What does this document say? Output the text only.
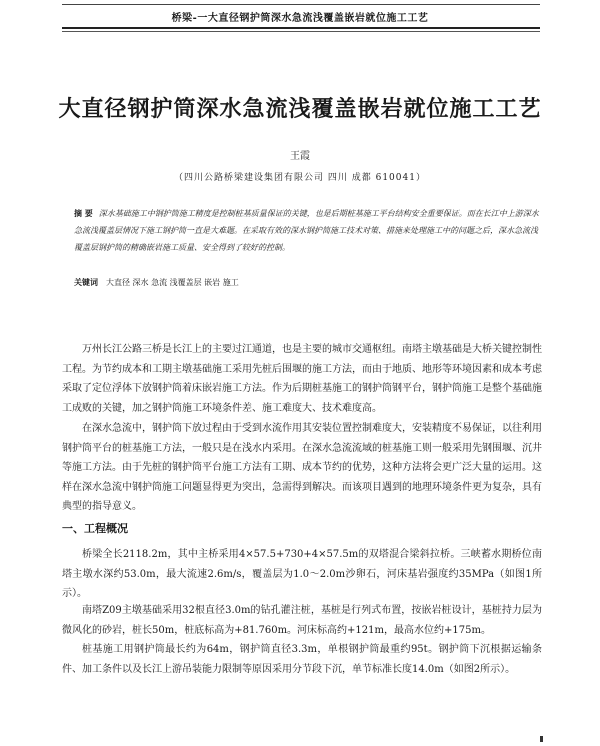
桥梁-一大直径钢护筒深水急流浅覆盖嵌岩就位施工工艺
大直径钢护筒深水急流浅覆盖嵌岩就位施工工艺
王霞
（四川公路桥梁建设集团有限公司 四川 成都 610041）
摘 要 深水基础施工中钢护筒施工精度是控制桩基质量保证的关键，也是后期桩基施工平台结构安全重要保证。而在长江中上游深水急流浅覆盖层情况下施工钢护筒一直是大难题。在采取有效的深水钢护筒施工技术对策、措施来处理施工中的问题之后，深水急流浅覆盖层钢护筒的精确嵌岩施工质量、安全得到了较好的控制。
关键词 大直径 深水 急流 浅覆盖层 嵌岩 施工
万州长江公路三桥是长江上的主要过江通道，也是主要的城市交通枢纽。南塔主墩基础是大桥关键控制性工程。为节约成本和工期主墩基础施工采用先桩后围堰的施工方法，而由于地质、地形等环境因素和成本考虑采取了定位浮体下放钢护筒着床嵌岩施工方法。作为后期桩基施工的钢护筒钢平台，钢护筒施工是整个基础施工成败的关键，加之钢护筒施工环境条件差、施工难度大、技术难度高。
在深水急流中，钢护筒下放过程由于受到水流作用其安装位置控制难度大，安装精度不易保证，以往利用钢护筒平台的桩基施工方法，一般只是在浅水内采用。在深水急流流域的桩基施工则一般采用先钢围堰、沉井等施工方法。由于先桩的钢护筒平台施工方法有工期、成本节约的优势，这种方法将会更广泛大量的运用。这样在深水急流中钢护筒施工问题显得更为突出，急需得到解决。而该项目遇到的地理环境条件更为复杂，具有典型的指导意义。
一、工程概况
桥梁全长2118.2m，其中主桥采用4×57.5+730+4×57.5m的双塔混合梁斜拉桥。三峡蓄水期桥位南塔主墩水深约53.0m，最大流速2.6m/s，覆盖层为1.0～2.0m沙卵石，河床基岩强度约35MPa（如图1所示）。
南塔Z09主墩基础采用32根直径3.0m的钻孔灌注桩，基桩是行列式布置，按嵌岩桩设计，基桩持力层为微风化的砂岩，桩长50m，桩底标高为+81.760m。河床标高约+121m，最高水位约+175m。
桩基施工用钢护筒最长约为64m，钢护筒直径3.3m，单根钢护筒最重约95t。钢护筒下沉根据运输条件、加工条件以及长江上游吊装能力限制等原因采用分节段下沉，单节标准长度14.0m（如图2所示）。
